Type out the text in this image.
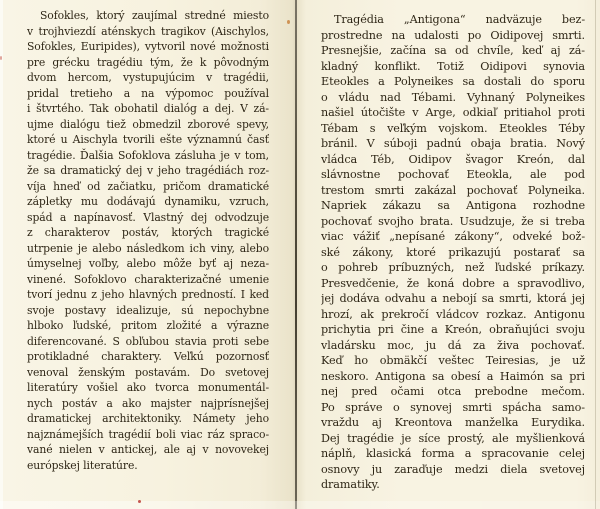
Sofokles, ktorý zaujímal stredné miesto
v trojhviezdí aténskych tragikov (Aischylos,
Sofokles, Euripides), vytvoril nové možnosti
pre grécku tragédiu tým, že k pôvodným
dvom hercom, vystupujúcim v tragédii,
pridal tretieho a na výpomoc používal
i štvrtého. Tak obohatil dialóg a dej. V zá-
ujme dialógu tiež obmedzil zborové spevy,
ktoré u Aischyla tvorili ešte významnú časť
tragédie. Ďalšia Sofoklova zásluha je v tom,
že sa dramatický dej v jeho tragédiách roz-
víja hneď od začiatku, pričom dramatické
zápletky mu dodávajú dynamiku, vzruch,
spád a napínavosť. Vlastný dej odvodzuje
z charakterov postáv, ktorých tragické
utrpenie je alebo následkom ich viny, alebo
úmyselnej voľby, alebo môže byť aj neza-
vinené. Sofoklovo charakterizačné umenie
tvorí jednu z jeho hlavných predností. I keď
svoje postavy idealizuje, sú nepochybne
hlboko ľudské, pritom zložité a výrazne
diferencované. S obľubou stavia proti sebe
protikladné charaktery. Veľkú pozornosť
venoval ženským postavám. Do svetovej
literatúry vošiel ako tvorca monumentál-
nych postáv a ako majster najprísnejšej
dramatickej architektoniky. Námety jeho
najznámejších tragédií boli viac ráz spraco-
vané nielen v antickej, ale aj v novovekej
európskej literatúre.
Tragédia „Antigona“ nadväzuje bez-
prostredne na udalosti po Oidipovej smrti.
Presnejšie, začína sa od chvíle, keď aj zá-
kladný konflikt. Totiž Oidipovi synovia
Eteokles a Polyneikes sa dostali do sporu
o vládu nad Tébami. Vyhnaný Polyneikes
našiel útočište v Arge, odkiaľ pritiahol proti
Tébam s veľkým vojskom. Eteokles Téby
bránil. V súboji padnú obaja bratia. Nový
vládca Téb, Oidipov švagor Kreón, dal
slávnostne pochovať Eteokla, ale pod
trestom smrti zakázal pochovať Polyneika.
Napriek zákazu sa Antigona rozhodne
pochovať svojho brata. Usudzuje, že si treba
viac vážiť „nepísané zákony“, odveké bož-
ské zákony, ktoré prikazujú postarať sa
o pohreb príbuzných, než ľudské príkazy.
Presvedčenie, že koná dobre a spravodlivo,
jej dodáva odvahu a nebojí sa smrti, ktorá jej
hrozí, ak prekročí vládcov rozkaz. Antigonu
prichytia pri čine a Kreón, obraňujúci svoju
vladársku moc, ju dá za živa pochovať.
Keď ho obmäkčí veštec Teiresias, je už
neskoro. Antigona sa obesí a Haimón sa pri
nej pred očami otca prebodne mečom.
Po správe o synovej smrti spácha samo-
vraždu aj Kreontova manželka Eurydika.
Dej tragédie je síce prostý, ale myšlienková
náplň, klasická forma a spracovanie celej
osnovy ju zaraďuje medzi diela svetovej
dramatiky.
